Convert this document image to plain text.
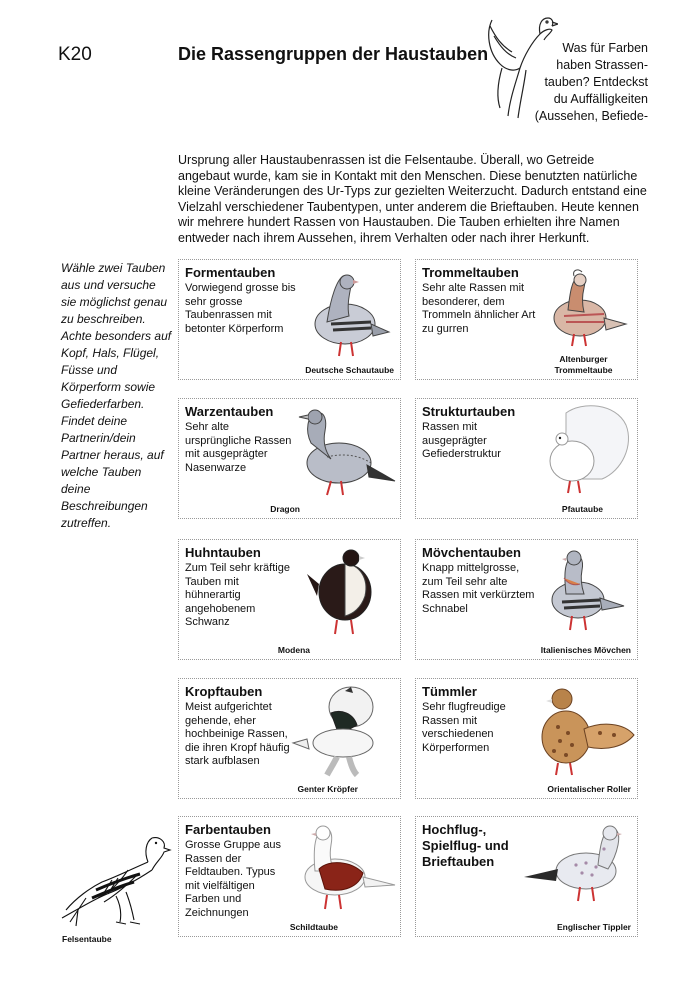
K20	Die Rassengruppen der Haustauben	Was für Farben
haben Strassen-
tauben? Entdeckst
du Auffälligkeiten
(Aussehen, Befiede-
Ursprung aller Haustaubenrassen ist die Felsentaube. Überall, wo Getreide angebaut wurde, kam sie in Kontakt mit den Menschen. Diese benutzten natürliche kleine Veränderungen des Ur-Typs zur gezielten Weiterzucht. Dadurch entstand eine Vielzahl verschiedener Taubentypen, unter anderem die Brieftauben. Heute kennen wir mehrere hundert Rassen von Haustauben. Die Tauben erhielten ihre Namen entweder nach ihrem Aussehen, ihrem Verhalten oder nach ihrer Herkunft.
Wähle zwei Tauben aus und versuche sie möglichst genau zu beschreiben. Achte besonders auf Kopf, Hals, Flügel, Füsse und Körperform sowie Gefiederfarben. Findet deine Partnerin/dein Partner heraus, auf welche Tauben deine Beschreibungen zutreffen.
Formentauben
Vorwiegend grosse bis sehr grosse Taubenrassen mit betonter Körperform
Deutsche Schautaube
Trommeltauben
Sehr alte Rassen mit besonderer, dem Trommeln ähnlicher Art zu gurren
Altenburger Trommeltaube
Warzentauben
Sehr alte ursprüngliche Rassen mit ausgeprägter Nasenwarze
Dragon
Strukturtauben
Rassen mit ausgeprägter Gefiederstruktur
Pfautaube
Huhntauben
Zum Teil sehr kräftige Tauben mit hühnerartig angehobenem Schwanz
Modena
Mövchentauben
Knapp mittelgrosse, zum Teil sehr alte Rassen mit verkürztem Schnabel
Italienisches Mövchen
Kropftauben
Meist aufgerichtet gehende, eher hochbeinige Rassen, die ihren Kropf häufig stark aufblasen
Genter Kröpfer
Tümmler
Sehr flugfreudige Rassen mit verschiedenen Körperformen
Orientalischer Roller
Farbentauben
Grosse Gruppe aus Rassen der Feldtauben. Typus mit vielfältigen Farben und Zeichnungen
Schildtaube
Hochflug-, Spielflug- und Brieftauben
Englischer Tippler
Felsentaube
